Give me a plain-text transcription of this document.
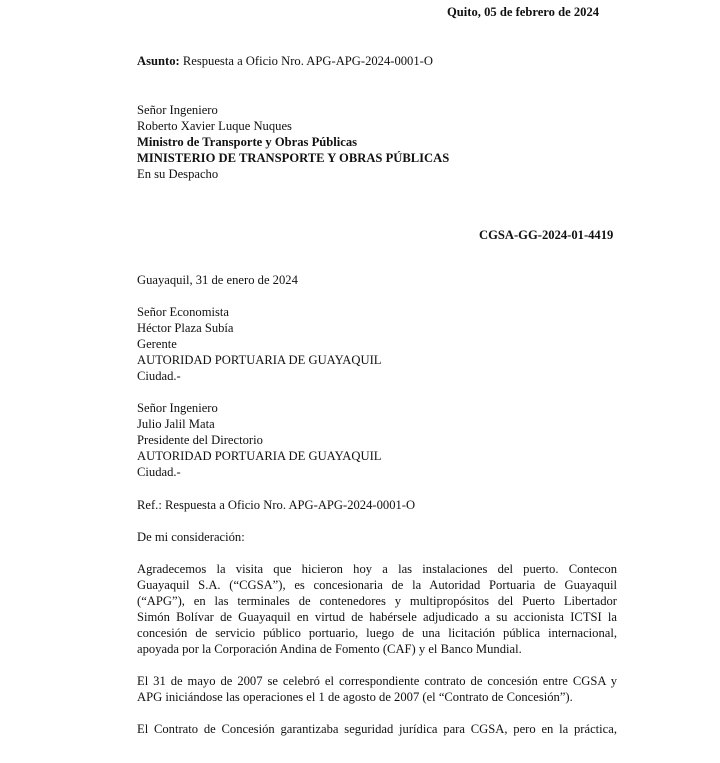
Quito, 05 de febrero de 2024
Asunto: Respuesta a Oficio Nro. APG-APG-2024-0001-O
Señor Ingeniero
Roberto Xavier Luque Nuques
Ministro de Transporte y Obras Públicas
MINISTERIO DE TRANSPORTE Y OBRAS PÚBLICAS
En su Despacho
CGSA-GG-2024-01-4419
Guayaquil, 31 de enero de 2024
Señor Economista
Héctor Plaza Subía
Gerente
AUTORIDAD PORTUARIA DE GUAYAQUIL
Ciudad.-
Señor Ingeniero
Julio Jalil Mata
Presidente del Directorio
AUTORIDAD PORTUARIA DE GUAYAQUIL
Ciudad.-
Ref.: Respuesta a Oficio Nro. APG-APG-2024-0001-O
De mi consideración:
Agradecemos la visita que hicieron hoy a las instalaciones del puerto. Contecon
Guayaquil S.A. (“CGSA”), es concesionaria de la Autoridad Portuaria de Guayaquil
(“APG”), en las terminales de contenedores y multipropósitos del Puerto Libertador
Simón Bolívar de Guayaquil en virtud de habérsele adjudicado a su accionista ICTSI la
concesión de servicio público portuario, luego de una licitación pública internacional,
apoyada por la Corporación Andina de Fomento (CAF) y el Banco Mundial.
El 31 de mayo de 2007 se celebró el correspondiente contrato de concesión entre CGSA y
APG iniciándose las operaciones el 1 de agosto de 2007 (el “Contrato de Concesión”).
El Contrato de Concesión garantizaba seguridad jurídica para CGSA, pero en la práctica,
